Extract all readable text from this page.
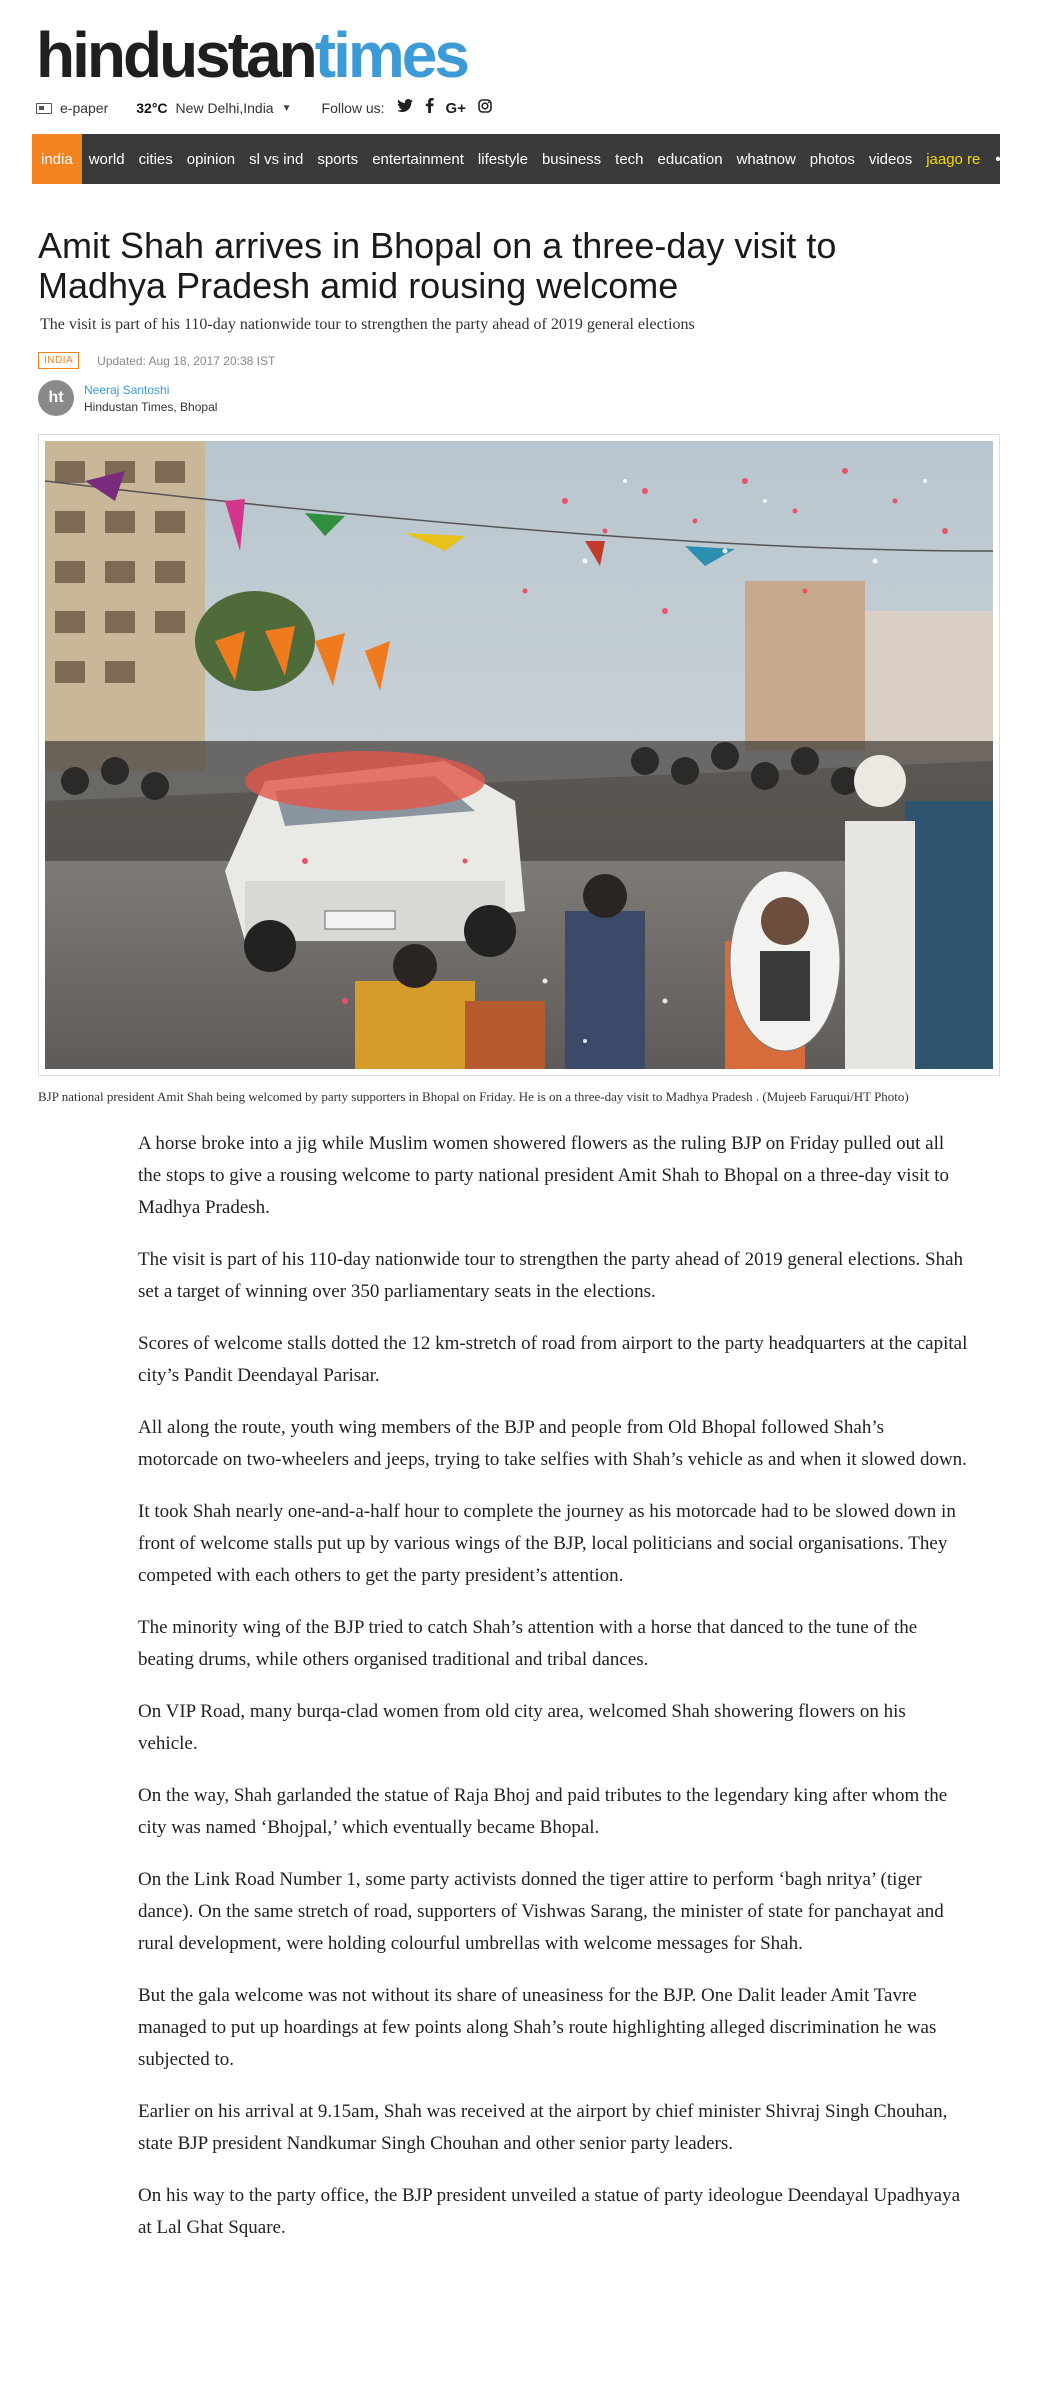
hindustantimes
e-paper 32°C New Delhi,India ▼ Follow us:	G+
india	world cities opinion sl vs ind sports entertainment lifestyle business tech education whatnow photos videos jaago re	•••
Amit Shah arrives in Bhopal on a three-day visit to Madhya Pradesh amid rousing welcome
The visit is part of his 110-day nationwide tour to strengthen the party ahead of 2019 general elections
INDIA	Updated: Aug 18, 2017 20:38 IST
ht	Neeraj Santoshi
Hindustan Times, Bhopal
BJP national president Amit Shah being welcomed by party supporters in Bhopal on Friday. He is on a three-day visit to Madhya Pradesh . (Mujeeb Faruqui/HT Photo)

A horse broke into a jig while Muslim women showered flowers as the ruling BJP on Friday pulled out all the stops to give a rousing welcome to party national president Amit Shah to Bhopal on a three-day visit to Madhya Pradesh.

The visit is part of his 110-day nationwide tour to strengthen the party ahead of 2019 general elections. Shah set a target of winning over 350 parliamentary seats in the elections.

Scores of welcome stalls dotted the 12 km-stretch of road from airport to the party headquarters at the capital city’s Pandit Deendayal Parisar.

All along the route, youth wing members of the BJP and people from Old Bhopal followed Shah’s motorcade on two-wheelers and jeeps, trying to take selfies with Shah’s vehicle as and when it slowed down.

It took Shah nearly one-and-a-half hour to complete the journey as his motorcade had to be slowed down in front of welcome stalls put up by various wings of the BJP, local politicians and social organisations. They competed with each others to get the party president’s attention.

The minority wing of the BJP tried to catch Shah’s attention with a horse that danced to the tune of the beating drums, while others organised traditional and tribal dances.

On VIP Road, many burqa-clad women from old city area, welcomed Shah showering flowers on his vehicle.

On the way, Shah garlanded the statue of Raja Bhoj and paid tributes to the legendary king after whom the city was named ‘Bhojpal,’ which eventually became Bhopal.

On the Link Road Number 1, some party activists donned the tiger attire to perform ‘bagh nritya’ (tiger dance). On the same stretch of road, supporters of Vishwas Sarang, the minister of state for panchayat and rural development, were holding colourful umbrellas with welcome messages for Shah.

But the gala welcome was not without its share of uneasiness for the BJP. One Dalit leader Amit Tavre managed to put up hoardings at few points along Shah’s route highlighting alleged discrimination he was subjected to.

Earlier on his arrival at 9.15am, Shah was received at the airport by chief minister Shivraj Singh Chouhan, state BJP president Nandkumar Singh Chouhan and other senior party leaders.

On his way to the party office, the BJP president unveiled a statue of party ideologue Deendayal Upadhyaya at Lal Ghat Square.
